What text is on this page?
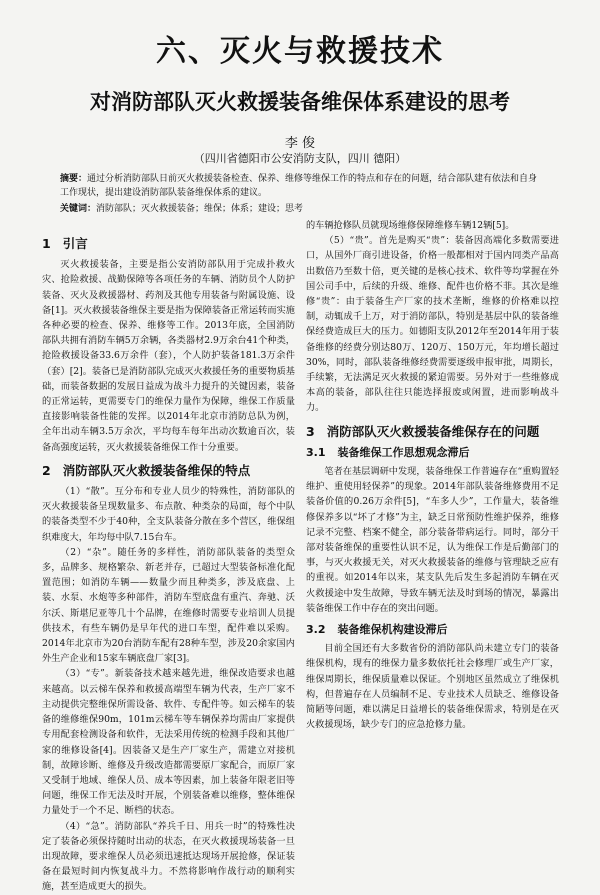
六、灭火与救援技术
对消防部队灭火救援装备维保体系建设的思考
李 俊
（四川省德阳市公安消防支队，四川 德阳）
摘要：通过分析消防部队日前灭火救援装备检查、保养、维修等维保工作的特点和存在的问题，结合部队建有依法和自身工作现状，提出建设消防部队装备维保体系的建议。
关键词：消防部队；灭火救援装备；维保；体系；建设；思考
1 引言

灭火救援装备，主要是指公安消防部队用于完成扑救火灾、抢险救援、战勤保障等各项任务的车辆、消防员个人防护装备、灭火及救援器材、药剂及其他专用装备与附属设施、设备[1]。灭火救援装备维保主要是指为保障装备正常运转而实施各种必要的检查、保养、维修等工作。2013年底，全国消防部队共拥有消防车辆5万余辆，各类器材2.9万余台41个种类，抢险救援设备33.6万余件（套），个人防护装备181.3万余件（套）[2]。装备已是消防部队完成灭火救援任务的重要物质基础，而装备数据的发展日益成为战斗力提升的关键因素，装备的正常运转，更需要专门的维保力量作为保障，维保工作质量直接影响装备性能的发挥。以2014年北京市消防总队为例，全年出动车辆3.5万余次，平均每车每年出动次数逾百次，装备高强度运转，灭火救援装备维保工作十分重要。

2 消防部队灭火救援装备维保的特点

（1）“散”。互分布和专业人员少的特殊性，消防部队的灭火救援装备呈现数量多、布点散、种类杂的局面，每个中队的装备类型不少于40种，全支队装备分散在多个营区，维保组织难度大，年均每中队7.15台车。

（2）“杂”。随任务的多样性，消防部队装备的类型众多，品牌多、规格繁杂、新老并存，已超过大型装备标准化配置范围；如消防车辆——数量少而且种类多，涉及底盘、上装、水泵、水炮等多种部件，消防车型底盘有重汽、奔驰、沃尔沃、斯堪尼亚等几十个品牌，在维修时需要专业培训人员提供技术，有些车辆仍是早年代的进口车型，配件难以采购。2014年北京市为20台消防车配有28种车型，涉及20余家国内外生产企业和15家车辆底盘厂家[3]。

（3）“专”。新装备技术越来越先进，维保改造要求也越来越高。以云梯车保养和救援高端型车辆为代表，生产厂家不主动提供完整维保所需设备、软件、专配件等。如云梯车的装备的维修维保90m，101m云梯车等车辆保养均需由厂家提供专用配套检测设备和软件，无法采用传统的检测手段和其他厂家的维修设备[4]。因装备又是生产厂家生产，需建立对接机制，故障诊断、维修及升级改造都需要原厂家配合，而原厂家又受制于地域、维保人员、成本等因素，加上装备年限老旧等问题，维保工作无法及时开展，个别装备难以维修，整体维保力量处于一个不足、断档的状态。

（4）“急”。消防部队“养兵千日、用兵一时”的特殊性决定了装备必须保持随时出动的状态，在灭火救援现场装备一旦出现故障，要求维保人员必须迅速抵达现场开展抢修，保证装备在最短时间内恢复战斗力。不然将影响作战行动的顺利实施，甚至造成更大的损失。

的车辆抢修队员就现场维修保障维修车辆12辆[5]。

（5）“贵”。首先是购买“贵”：装备因高端化多数需要进口，从国外厂商引进设备，价格一般都相对于国内同类产品高出数倍乃至数十倍，更关键的是核心技术、软件等均掌握在外国公司手中，后续的升级、维修、配件也价格不菲。其次是维修“贵”：由于装备生产厂家的技术垄断，维修的价格难以控制，动辄成千上万，对于消防部队，特别是基层中队的装备维保经费造成巨大的压力。如德阳支队2012年至2014年用于装备维修的经费分别达80万、120万、150万元，年均增长超过30%，同时，部队装备维修经费需要逐级申报审批，周期长，手续繁，无法满足灭火救援的紧迫需要。另外对于一些维修成本高的装备，部队往往只能选择报废或闲置，进而影响战斗力。

3 消防部队灭火救援装备维保存在的问题
3.1 装备维保工作思想观念滞后

笔者在基层调研中发现，装备维保工作普遍存在“重购置轻维护、重使用轻保养”的现象。2014年部队装备维修费用不足装备价值的0.26万余件[5]，“车多人少”，工作量大，装备维修保养多以“坏了才修”为主，缺乏日常预防性维护保养，维修记录不完整、档案不健全，部分装备带病运行。同时，部分干部对装备维保的重要性认识不足，认为维保工作是后勤部门的事，与灭火救援无关，对灭火救援装备的维修与管理缺乏应有的重视。如2014年以来，某支队先后发生多起消防车辆在灭火救援途中发生故障，导致车辆无法及时到场的情况，暴露出装备维保工作中存在的突出问题。

3.2 装备维保机构建设滞后

目前全国还有大多数省份的消防部队尚未建立专门的装备维保机构，现有的维保力量多数依托社会修理厂或生产厂家，维保周期长，维保质量难以保证。个别地区虽然成立了维保机构，但普遍存在人员编制不足、专业技术人员缺乏、维修设备简陋等问题，难以满足日益增长的装备维保需求，特别是在灭火救援现场，缺少专门的应急抢修力量。
